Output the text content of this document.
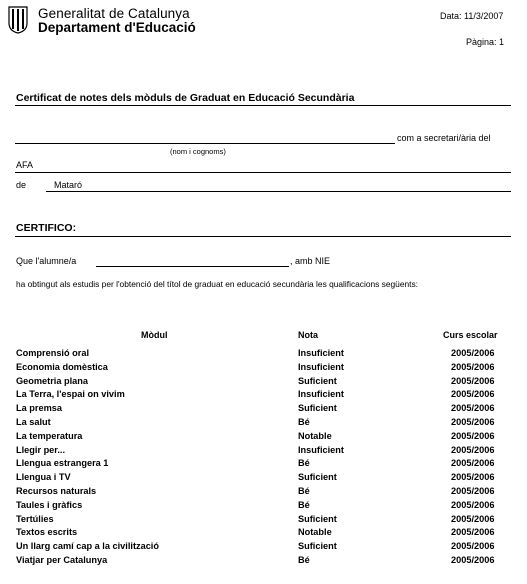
Generalitat de Catalunya
Departament d'Educació
Data: 11/3/2007
Pàgina: 1
Certificat de notes dels mòduls de Graduat en Educació Secundària
com a secretari/ària del
(nom i cognoms)
AFA
de	Mataró
CERTIFICO:
Que l'alumne/a	, amb NIE
ha obtingut als estudis per l'obtenció del títol de graduat en educació secundària les qualificacions següents:
Mòdul	Nota	Curs escolar
Comprensió oral	Insuficient	2005/2006
Economia domèstica	Insuficient	2005/2006
Geometria plana	Suficient	2005/2006
La Terra, l'espai on vivim	Insuficient	2005/2006
La premsa	Suficient	2005/2006
La salut	Bé	2005/2006
La temperatura	Notable	2005/2006
Llegir per...	Insuficient	2005/2006
Llengua estrangera 1	Bé	2005/2006
Llengua i TV	Suficient	2005/2006
Recursos naturals	Bé	2005/2006
Taules i gràfics	Bé	2005/2006
Tertúlies	Suficient	2005/2006
Textos escrits	Notable	2005/2006
Un llarg camí cap a la civilització	Suficient	2005/2006
Viatjar per Catalunya	Bé	2005/2006
